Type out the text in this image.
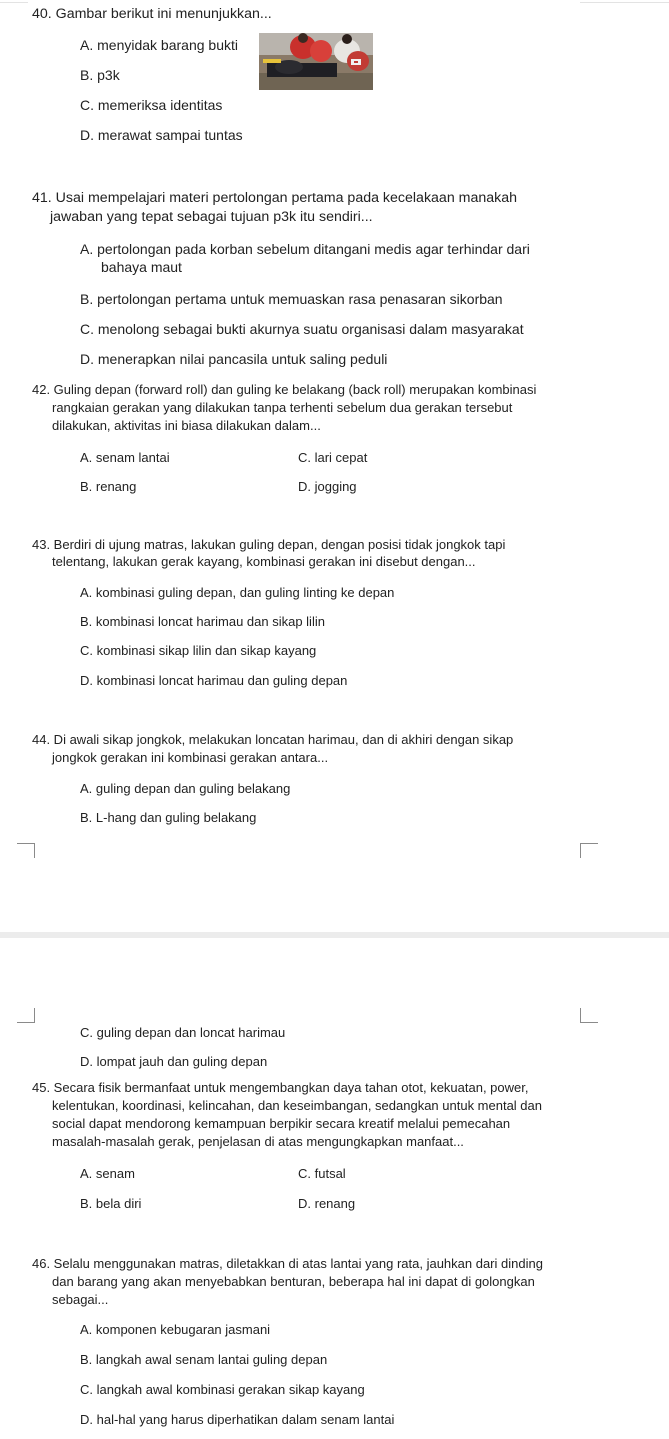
40. Gambar berikut ini menunjukkan...
A. menyidak barang bukti
B. p3k
C. memeriksa identitas
D. merawat sampai tuntas
41. Usai mempelajari materi pertolongan pertama pada kecelakaan manakah
jawaban yang tepat sebagai tujuan p3k itu sendiri...
A. pertolongan pada korban sebelum ditangani medis agar terhindar dari
bahaya maut
B. pertolongan pertama untuk memuaskan rasa penasaran sikorban
C. menolong sebagai bukti akurnya suatu organisasi dalam masyarakat
D. menerapkan nilai pancasila untuk saling peduli
42. Guling depan (forward roll) dan guling ke belakang (back roll) merupakan kombinasi
rangkaian gerakan yang dilakukan tanpa terhenti sebelum dua gerakan tersebut
dilakukan, aktivitas ini biasa dilakukan dalam...
A. senam lantai	C. lari cepat
B. renang	D. jogging
43. Berdiri di ujung matras, lakukan guling depan, dengan posisi tidak jongkok tapi
telentang, lakukan gerak kayang, kombinasi gerakan ini disebut dengan...
A. kombinasi guling depan, dan guling linting ke depan
B. kombinasi loncat harimau dan sikap lilin
C. kombinasi sikap lilin dan sikap kayang
D. kombinasi loncat harimau dan guling depan
44. Di awali sikap jongkok, melakukan loncatan harimau, dan di akhiri dengan sikap
jongkok gerakan ini kombinasi gerakan antara...
A. guling depan dan guling belakang
B. L-hang dan guling belakang
C. guling depan dan loncat harimau
D. lompat jauh dan guling depan
45. Secara fisik bermanfaat untuk mengembangkan daya tahan otot, kekuatan, power,
kelentukan, koordinasi, kelincahan, dan keseimbangan, sedangkan untuk mental dan
social dapat mendorong kemampuan berpikir secara kreatif melalui pemecahan
masalah-masalah gerak, penjelasan di atas mengungkapkan manfaat...
A. senam	C. futsal
B. bela diri	D. renang
46. Selalu menggunakan matras, diletakkan di atas lantai yang rata, jauhkan dari dinding
dan barang yang akan menyebabkan benturan, beberapa hal ini dapat di golongkan
sebagai...
A. komponen kebugaran jasmani
B. langkah awal senam lantai guling depan
C. langkah awal kombinasi gerakan sikap kayang
D. hal-hal yang harus diperhatikan dalam senam lantai
